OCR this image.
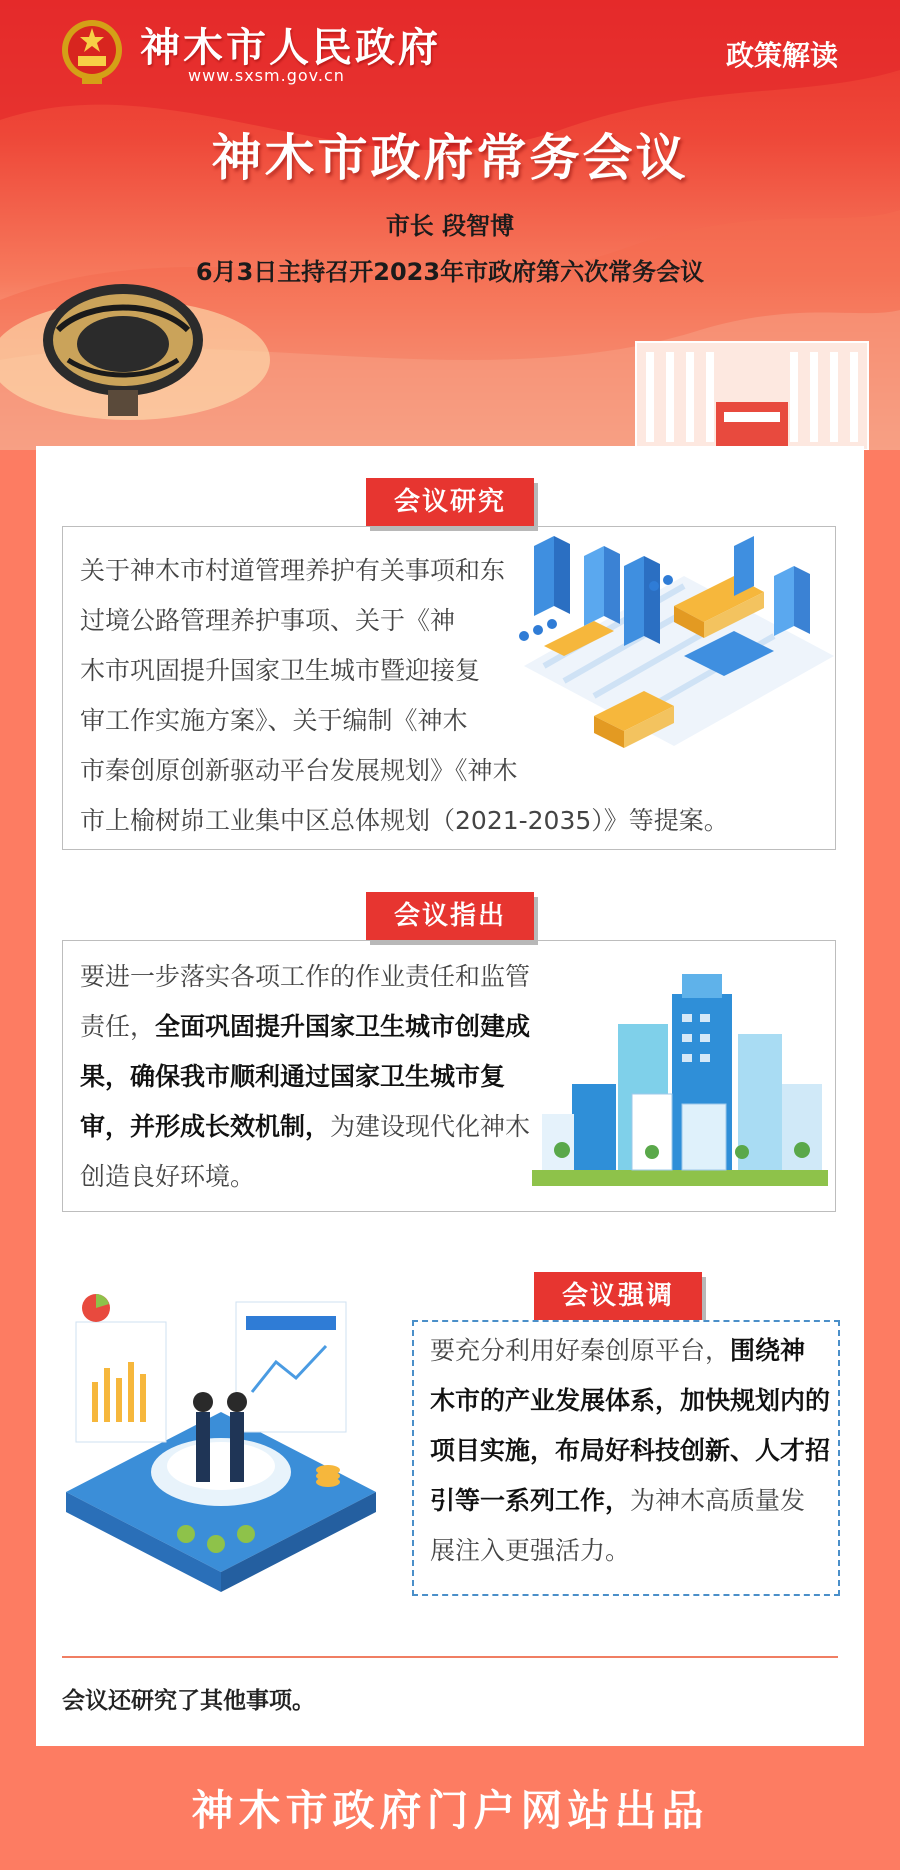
神木市人民政府
www.sxsm.gov.cn
政策解读
神木市政府常务会议
市长 段智博
6月3日主持召开2023年市政府第六次常务会议
会议研究
关于神木市村道管理养护有关事项和东
过境公路管理养护事项、关于《神
木市巩固提升国家卫生城市暨迎接复
审工作实施方案》、关于编制《神木
市秦创原创新驱动平台发展规划》《神木
市上榆树峁工业集中区总体规划（2021-2035）》等提案。
会议指出
要进一步落实各项工作的作业责任和监管责任，全面巩固提升国家卫生城市创建成果，确保我市顺利通过国家卫生城市复审，并形成长效机制，为建设现代化神木创造良好环境。
会议强调
要充分利用好秦创原平台，围绕神木市的产业发展体系，加快规划内的项目实施，布局好科技创新、人才招引等一系列工作，为神木高质量发展注入更强活力。
会议还研究了其他事项。
神木市政府门户网站出品
